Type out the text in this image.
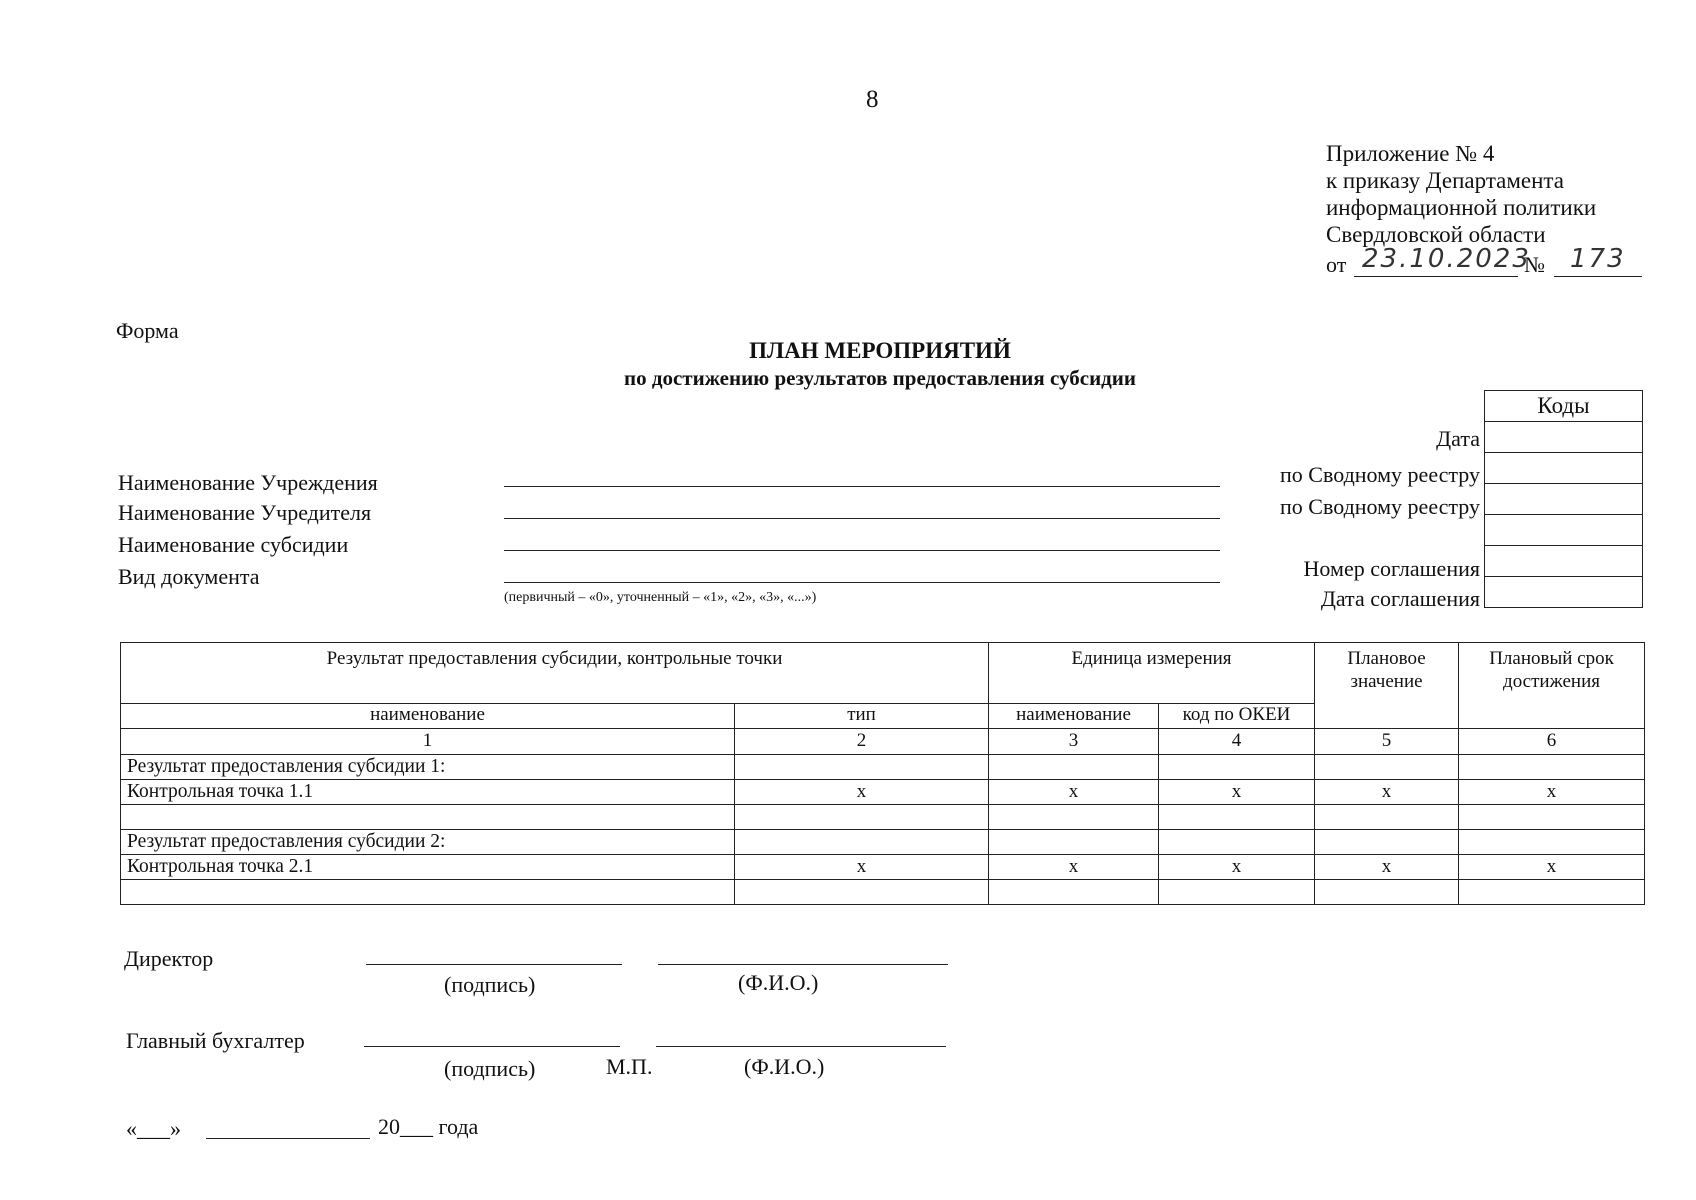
8
Приложение № 4
к приказу Департамента
информационной политики
Свердловской области
от 23.10.2023
№ 173
Форма
ПЛАН МЕРОПРИЯТИЙ
по достижению результатов предоставления субсидии
Наименование Учреждения
Наименование Учредителя
Наименование субсидии
Вид документа
(первичный – «0», уточненный – «1», «2», «3», «...»)
Дата
по Сводному реестру
по Сводному реестру
Номер соглашения
Дата соглашения
Коды
Результат предоставления субсидии, контрольные точки		Единица измерения		Плановое значение	Плановый срок достижения
наименование	тип	наименование	код по ОКЕИ		
1	2	3	4	5	6
Результат предоставления субсидии 1:					
Контрольная точка 1.1	x	x	x	x	x

Результат предоставления субсидии 2:					
Контрольная точка 2.1	x	x	x	x	x

Директор
(подпись)	(Ф.И.О.)
Главный бухгалтер
(подпись)	М.П.	(Ф.И.О.)
«___»	20___ года
